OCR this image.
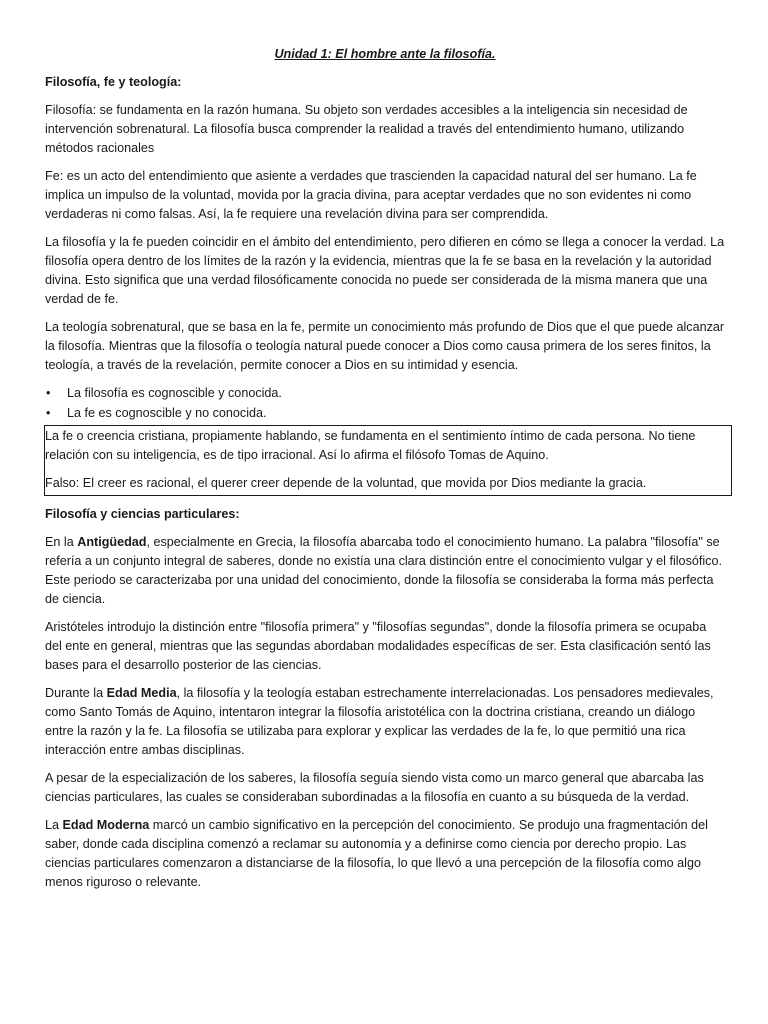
Unidad 1: El hombre ante la filosofía.

Filosofía, fe y teología:

Filosofía: se fundamenta en la razón humana. Su objeto son verdades accesibles a la inteligencia sin necesidad de intervención sobrenatural. La filosofía busca comprender la realidad a través del entendimiento humano, utilizando métodos racionales

Fe: es un acto del entendimiento que asiente a verdades que trascienden la capacidad natural del ser humano. La fe implica un impulso de la voluntad, movida por la gracia divina, para aceptar verdades que no son evidentes ni como verdaderas ni como falsas. Así, la fe requiere una revelación divina para ser comprendida.

La filosofía y la fe pueden coincidir en el ámbito del entendimiento, pero difieren en cómo se llega a conocer la verdad. La filosofía opera dentro de los límites de la razón y la evidencia, mientras que la fe se basa en la revelación y la autoridad divina. Esto significa que una verdad filosóficamente conocida no puede ser considerada de la misma manera que una verdad de fe.

La teología sobrenatural, que se basa en la fe, permite un conocimiento más profundo de Dios que el que puede alcanzar la filosofía. Mientras que la filosofía o teología natural puede conocer a Dios como causa primera de los seres finitos, la teología, a través de la revelación, permite conocer a Dios en su intimidad y esencia.

• La filosofía es cognoscible y conocida.
• La fe es cognoscible y no conocida.

La fe o creencia cristiana, propiamente hablando, se fundamenta en el sentimiento íntimo de cada persona. No tiene relación con su inteligencia, es de tipo irracional. Así lo afirma el filósofo Tomas de Aquino.

Falso: El creer es racional, el querer creer depende de la voluntad, que movida por Dios mediante la gracia.

Filosofía y ciencias particulares:

En la Antigüedad, especialmente en Grecia, la filosofía abarcaba todo el conocimiento humano. La palabra "filosofía" se refería a un conjunto integral de saberes, donde no existía una clara distinción entre el conocimiento vulgar y el filosófico. Este periodo se caracterizaba por una unidad del conocimiento, donde la filosofía se consideraba la forma más perfecta de ciencia.

Aristóteles introdujo la distinción entre "filosofía primera" y "filosofías segundas", donde la filosofía primera se ocupaba del ente en general, mientras que las segundas abordaban modalidades específicas de ser. Esta clasificación sentó las bases para el desarrollo posterior de las ciencias.

Durante la Edad Media, la filosofía y la teología estaban estrechamente interrelacionadas. Los pensadores medievales, como Santo Tomás de Aquino, intentaron integrar la filosofía aristotélica con la doctrina cristiana, creando un diálogo entre la razón y la fe. La filosofía se utilizaba para explorar y explicar las verdades de la fe, lo que permitió una rica interacción entre ambas disciplinas.

A pesar de la especialización de los saberes, la filosofía seguía siendo vista como un marco general que abarcaba las ciencias particulares, las cuales se consideraban subordinadas a la filosofía en cuanto a su búsqueda de la verdad.

La Edad Moderna marcó un cambio significativo en la percepción del conocimiento. Se produjo una fragmentación del saber, donde cada disciplina comenzó a reclamar su autonomía y a definirse como ciencia por derecho propio. Las ciencias particulares comenzaron a distanciarse de la filosofía, lo que llevó a una percepción de la filosofía como algo menos riguroso o relevante.
